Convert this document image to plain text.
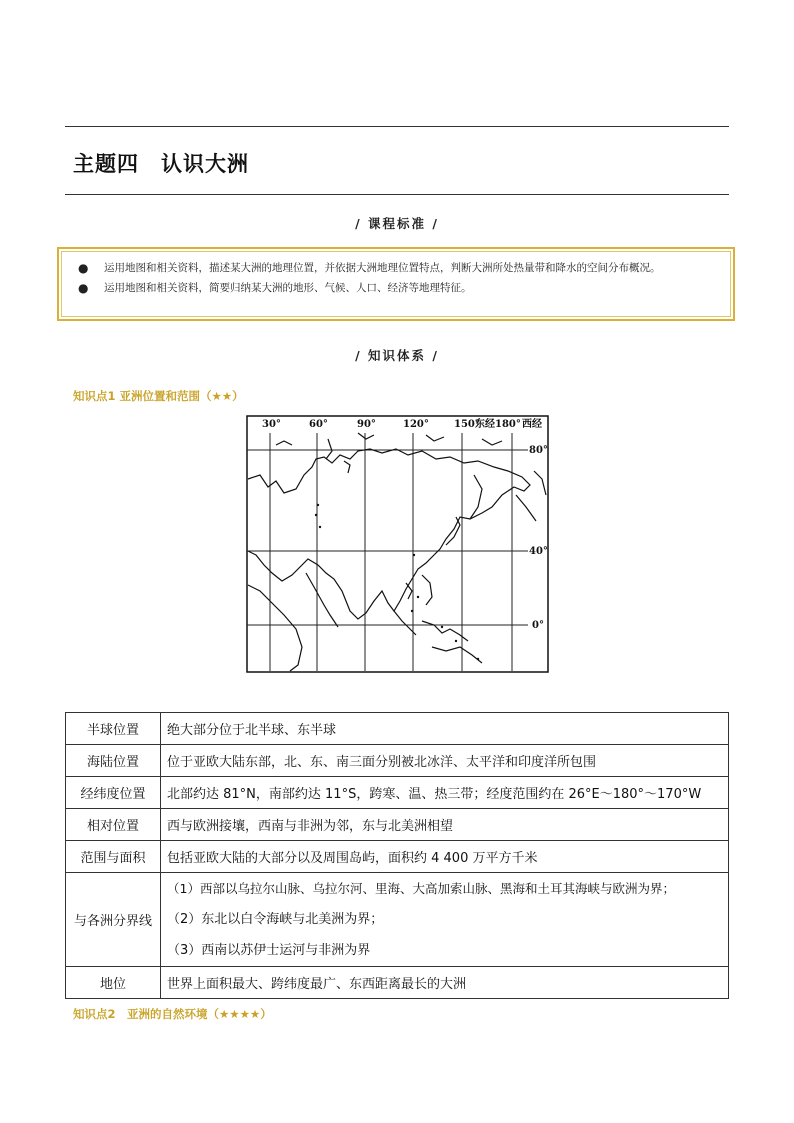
主题四　认识大洲
/ 课程标准 /
● 运用地图和相关资料，描述某大洲的地理位置，并依据大洲地理位置特点，判断大洲所处热量带和降水的空间分布概况。
● 运用地图和相关资料，简要归纳某大洲的地形、气候、人口、经济等地理特征。
/ 知识体系 /
知识点1 亚洲位置和范围（★★）
30°	60°	90°	120°	150°
东经180° 西经
80°
40°
0°
半球位置	绝大部分位于北半球、东半球
海陆位置	位于亚欧大陆东部，北、东、南三面分别被北冰洋、太平洋和印度洋所包围
经纬度位置	北部约达 81°N，南部约达 11°S，跨寒、温、热三带；经度范围约在 26°E～180°～170°W
相对位置	西与欧洲接壤，西南与非洲为邻，东与北美洲相望
范围与面积	包括亚欧大陆的大部分以及周围岛屿，面积约 4 400 万平方千米
与各洲分界线	（1）西部以乌拉尔山脉、乌拉尔河、里海、大高加索山脉、黑海和土耳其海峡与欧洲为界；
（2）东北以白令海峡与北美洲为界；
（3）西南以苏伊士运河与非洲为界

地位	世界上面积最大、跨纬度最广、东西距离最长的大洲
知识点2　亚洲的自然环境（★★★★）
